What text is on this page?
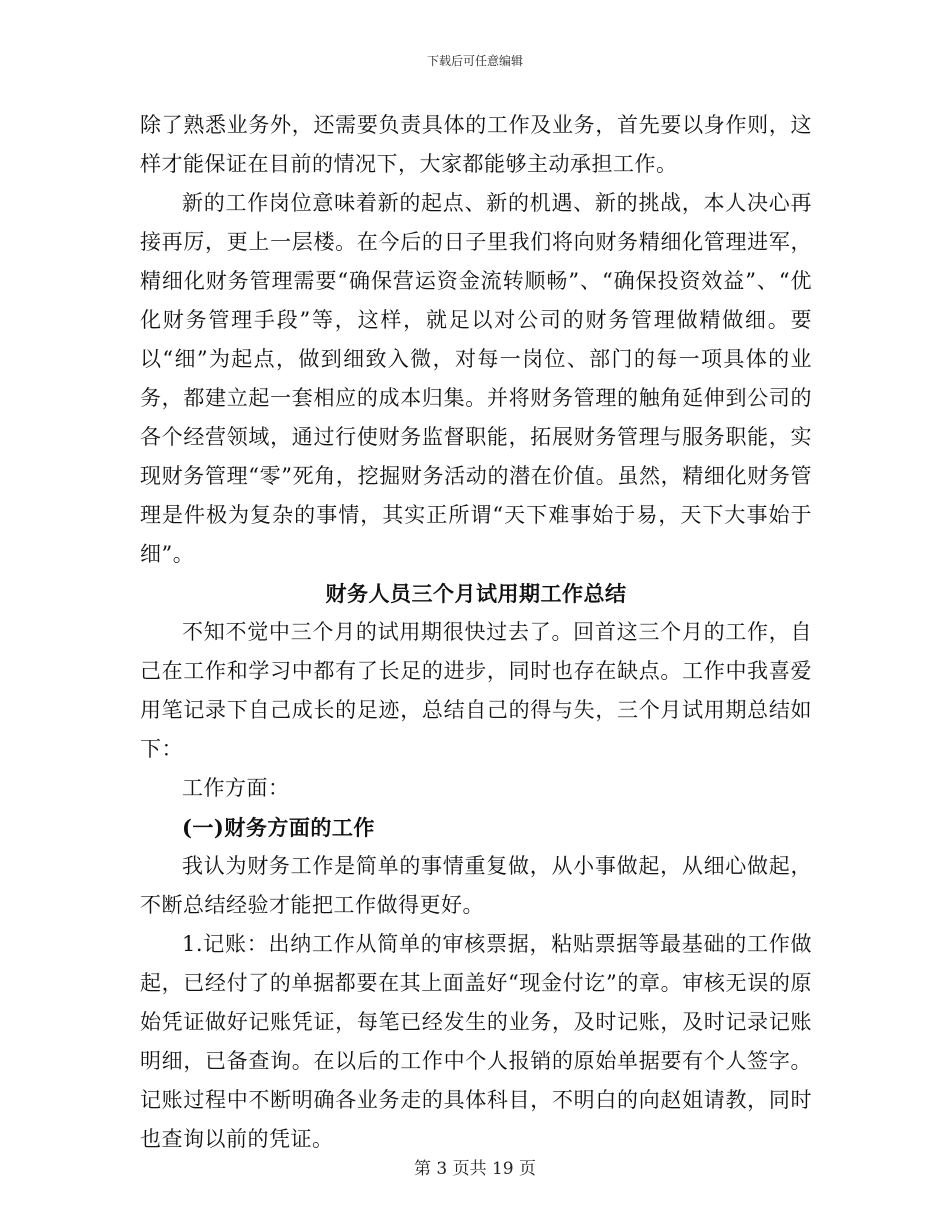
下载后可任意编辑

除了熟悉业务外，还需要负责具体的工作及业务，首先要以身作则，这样才能保证在目前的情况下，大家都能够主动承担工作。

新的工作岗位意味着新的起点、新的机遇、新的挑战，本人决心再接再厉，更上一层楼。在今后的日子里我们将向财务精细化管理进军，精细化财务管理需要“确保营运资金流转顺畅”、“确保投资效益”、“优化财务管理手段”等，这样，就足以对公司的财务管理做精做细。要以“细”为起点，做到细致入微，对每一岗位、部门的每一项具体的业务，都建立起一套相应的成本归集。并将财务管理的触角延伸到公司的各个经营领域，通过行使财务监督职能，拓展财务管理与服务职能，实现财务管理“零”死角，挖掘财务活动的潜在价值。虽然，精细化财务管理是件极为复杂的事情，其实正所谓“天下难事始于易，天下大事始于细”。

财务人员三个月试用期工作总结

不知不觉中三个月的试用期很快过去了。回首这三个月的工作，自己在工作和学习中都有了长足的进步，同时也存在缺点。工作中我喜爱用笔记录下自己成长的足迹，总结自己的得与失，三个月试用期总结如下：

工作方面：

(一)财务方面的工作

我认为财务工作是简单的事情重复做，从小事做起，从细心做起，不断总结经验才能把工作做得更好。

1.记账：出纳工作从简单的审核票据，粘贴票据等最基础的工作做起，已经付了的单据都要在其上面盖好“现金付讫”的章。审核无误的原始凭证做好记账凭证，每笔已经发生的业务，及时记账，及时记录记账明细，已备查询。在以后的工作中个人报销的原始单据要有个人签字。记账过程中不断明确各业务走的具体科目，不明白的向赵姐请教，同时也查询以前的凭证。

第 3 页共 19 页
